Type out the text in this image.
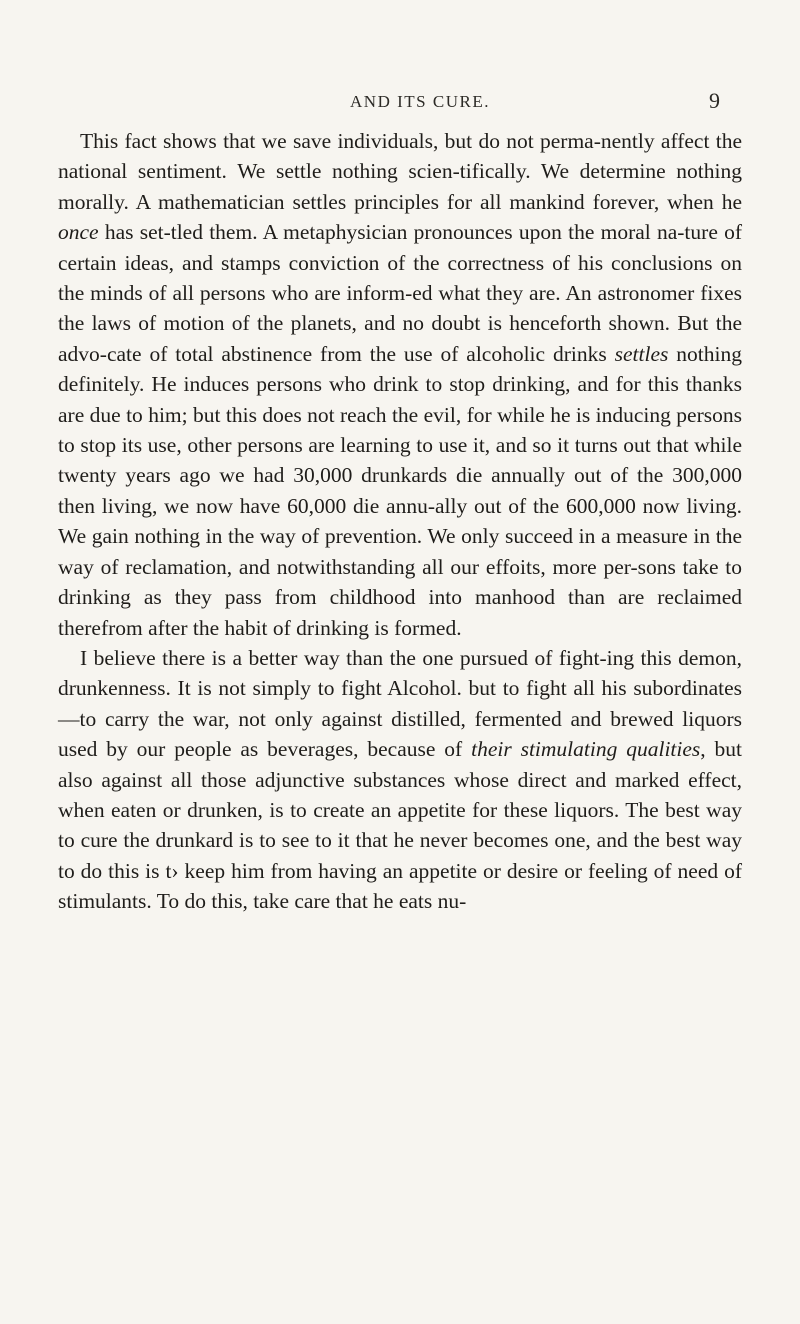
AND ITS CURE.	9

This fact shows that we save individuals, but do not perma-nently affect the national sentiment. We settle nothing scien-tifically. We determine nothing morally. A mathematician settles principles for all mankind forever, when he once has set-tled them. A metaphysician pronounces upon the moral na-ture of certain ideas, and stamps conviction of the correctness of his conclusions on the minds of all persons who are inform-ed what they are. An astronomer fixes the laws of motion of the planets, and no doubt is henceforth shown. But the advo-cate of total abstinence from the use of alcoholic drinks settles nothing definitely. He induces persons who drink to stop drinking, and for this thanks are due to him; but this does not reach the evil, for while he is inducing persons to stop its use, other persons are learning to use it, and so it turns out that while twenty years ago we had 30,000 drunkards die annually out of the 300,000 then living, we now have 60,000 die annu-ally out of the 600,000 now living. We gain nothing in the way of prevention. We only succeed in a measure in the way of reclamation, and notwithstanding all our effoits, more per-sons take to drinking as they pass from childhood into manhood than are reclaimed therefrom after the habit of drinking is formed.

I believe there is a better way than the one pursued of fight-ing this demon, drunkenness. It is not simply to fight Alcohol. but to fight all his subordinates—to carry the war, not only against distilled, fermented and brewed liquors used by our people as beverages, because of their stimulating qualities, but also against all those adjunctive substances whose direct and marked effect, when eaten or drunken, is to create an appetite for these liquors. The best way to cure the drunkard is to see to it that he never becomes one, and the best way to do this is t› keep him from having an appetite or desire or feeling of need of stimulants. To do this, take care that he eats nu-
